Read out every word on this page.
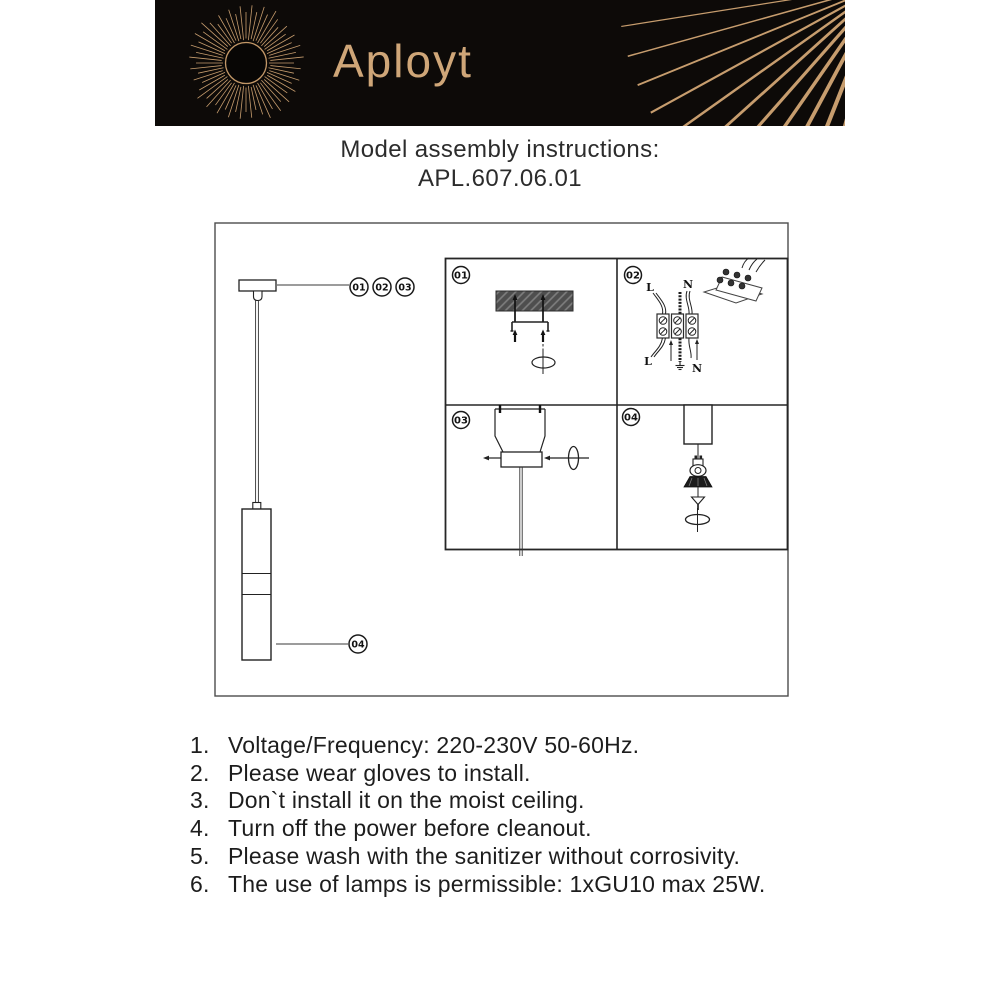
Aployt
Model assembly instructions:
APL.607.06.01
01 02 03
04
01	02
L	N
L
N
03	04
1. Voltage/Frequency: 220-230V 50-60Hz.
2. Please wear gloves to install.
3. Don`t install it on the moist ceiling.
4. Turn off the power before cleanout.
5. Please wash with the sanitizer without corrosivity.
6. The use of lamps is permissible: 1xGU10 max 25W.
